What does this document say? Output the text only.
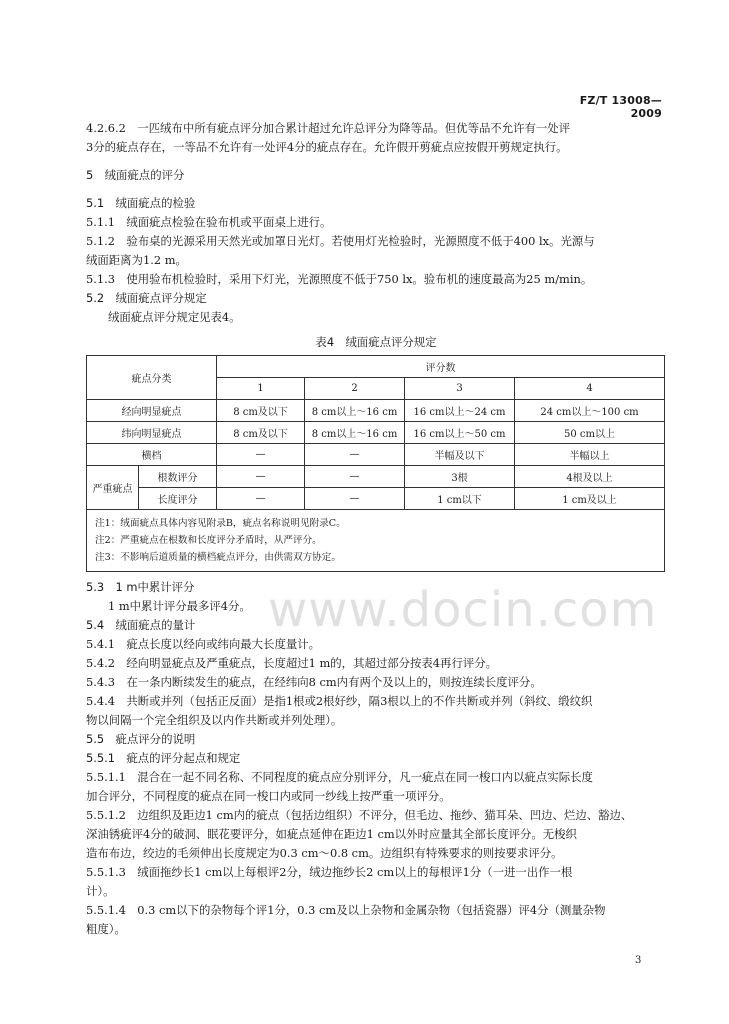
FZ/T 13008—2009
4.2.6.2　一匹绒布中所有疵点评分加合累计超过允许总评分为降等品。但优等品不允许有一处评
3分的疵点存在，一等品不允许有一处评4分的疵点存在。允许假开剪疵点应按假开剪规定执行。
5　绒面疵点的评分
5.1　绒面疵点的检验
5.1.1　绒面疵点检验在验布机或平面桌上进行。
5.1.2　验布桌的光源采用天然光或加罩日光灯。若使用灯光检验时，光源照度不低于400 lx。光源与
绒面距离为1.2 m。
5.1.3　使用验布机检验时，采用下灯光，光源照度不低于750 lx。验布机的速度最高为25 m/min。
5.2　绒面疵点评分规定
绒面疵点评分规定见表4。
表4　绒面疵点评分规定
疵点分类		评分数			
		1	2	3	4
经向明显疵点		8 cm及以下	8 cm以上～16 cm	16 cm以上～24 cm	24 cm以上～100 cm
纬向明显疵点		8 cm及以下	8 cm以上～16 cm	16 cm以上～50 cm	50 cm以上
横档		—	—	半幅及以下	半幅以上
严重疵点	根数评分	—	—	3根	4根及以上
	长度评分	—	—	1 cm以下	1 cm及以上

注1：绒面疵点具体内容见附录B，疵点名称说明见附录C。
注2：严重疵点在根数和长度评分矛盾时，从严评分。
注3：不影响后道质量的横档疵点评分，由供需双方协定。					
5.3　1 m中累计评分
1 m中累计评分最多评4分。
5.4　绒面疵点的量计
5.4.1　疵点长度以经向或纬向最大长度量计。
5.4.2　经向明显疵点及严重疵点，长度超过1 m的，其超过部分按表4再行评分。
5.4.3　在一条内断续发生的疵点，在经纬向8 cm内有两个及以上的，则按连续长度评分。
5.4.4　共断或并列（包括正反面）是指1根或2根好纱，隔3根以上的不作共断或并列（斜纹、缎纹织
物以间隔一个完全组织及以内作共断或并列处理）。
5.5　疵点评分的说明
5.5.1　疵点的评分起点和规定
5.5.1.1　混合在一起不同名称、不同程度的疵点应分别评分，凡一疵点在同一梭口内以疵点实际长度
加合评分，不同程度的疵点在同一梭口内或同一纱线上按严重一项评分。
5.5.1.2　边组织及距边1 cm内的疵点（包括边组织）不评分，但毛边、拖纱、猫耳朵、凹边、烂边、豁边、
深油锈疵评4分的破洞、眠花要评分，如疵点延伸在距边1 cm以外时应量其全部长度评分。无梭织
造布布边，绞边的毛须伸出长度规定为0.3 cm～0.8 cm。边组织有特殊要求的则按要求评分。
5.5.1.3　绒面拖纱长1 cm以上每根评2分，绒边拖纱长2 cm以上的每根评1分（一进一出作一根
计）。
5.5.1.4　0.3 cm以下的杂物每个评1分，0.3 cm及以上杂物和金属杂物（包括瓷器）评4分（测量杂物
粗度）。
www.docin.com
3
